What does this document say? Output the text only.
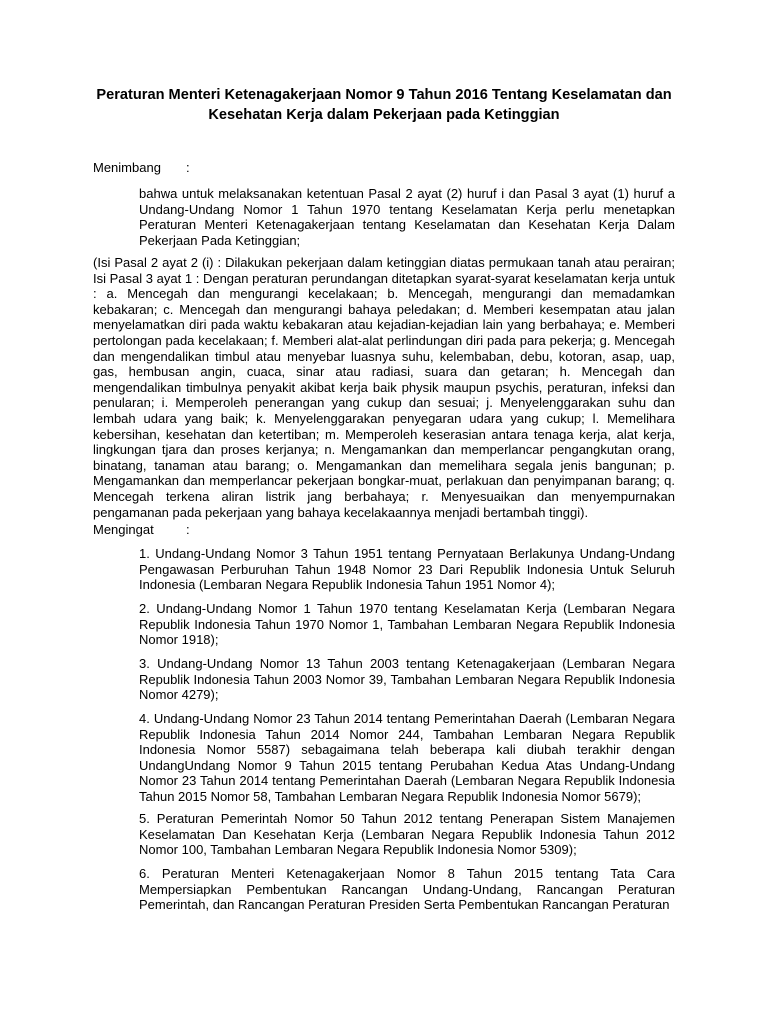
Peraturan Menteri Ketenagakerjaan Nomor 9 Tahun 2016 Tentang Keselamatan dan Kesehatan Kerja dalam Pekerjaan pada Ketinggian

Menimbang :

bahwa untuk melaksanakan ketentuan Pasal 2 ayat (2) huruf i dan Pasal 3 ayat (1) huruf a Undang-Undang Nomor 1 Tahun 1970 tentang Keselamatan Kerja perlu menetapkan Peraturan Menteri Ketenagakerjaan tentang Keselamatan dan Kesehatan Kerja Dalam Pekerjaan Pada Ketinggian;

(Isi Pasal 2 ayat 2 (i) : Dilakukan pekerjaan dalam ketinggian diatas permukaan tanah atau perairan; Isi Pasal 3 ayat 1 : Dengan peraturan perundangan ditetapkan syarat-syarat keselamatan kerja untuk : a. Mencegah dan mengurangi kecelakaan; b. Mencegah, mengurangi dan memadamkan kebakaran; c. Mencegah dan mengurangi bahaya peledakan; d. Memberi kesempatan atau jalan menyelamatkan diri pada waktu kebakaran atau kejadian-kejadian lain yang berbahaya; e. Memberi pertolongan pada kecelakaan; f. Memberi alat-alat perlindungan diri pada para pekerja; g. Mencegah dan mengendalikan timbul atau menyebar luasnya suhu, kelembaban, debu, kotoran, asap, uap, gas, hembusan angin, cuaca, sinar atau radiasi, suara dan getaran; h. Mencegah dan mengendalikan timbulnya penyakit akibat kerja baik physik maupun psychis, peraturan, infeksi dan penularan; i. Memperoleh penerangan yang cukup dan sesuai; j. Menyelenggarakan suhu dan lembah udara yang baik; k. Menyelenggarakan penyegaran udara yang cukup; l. Memelihara kebersihan, kesehatan dan ketertiban; m. Memperoleh keserasian antara tenaga kerja, alat kerja, lingkungan tjara dan proses kerjanya; n. Mengamankan dan memperlancar pengangkutan orang, binatang, tanaman atau barang; o. Mengamankan dan memelihara segala jenis bangunan; p. Mengamankan dan memperlancar pekerjaan bongkar-muat, perlakuan dan penyimpanan barang; q. Mencegah terkena aliran listrik jang berbahaya; r. Menyesuaikan dan menyempurnakan pengamanan pada pekerjaan yang bahaya kecelakaannya menjadi bertambah tinggi).

Mengingat :

1. Undang-Undang Nomor 3 Tahun 1951 tentang Pernyataan Berlakunya Undang-Undang Pengawasan Perburuhan Tahun 1948 Nomor 23 Dari Republik Indonesia Untuk Seluruh Indonesia (Lembaran Negara Republik Indonesia Tahun 1951 Nomor 4);

2. Undang-Undang Nomor 1 Tahun 1970 tentang Keselamatan Kerja (Lembaran Negara Republik Indonesia Tahun 1970 Nomor 1, Tambahan Lembaran Negara Republik Indonesia Nomor 1918);

3. Undang-Undang Nomor 13 Tahun 2003 tentang Ketenagakerjaan (Lembaran Negara Republik Indonesia Tahun 2003 Nomor 39, Tambahan Lembaran Negara Republik Indonesia Nomor 4279);

4. Undang-Undang Nomor 23 Tahun 2014 tentang Pemerintahan Daerah (Lembaran Negara Republik Indonesia Tahun 2014 Nomor 244, Tambahan Lembaran Negara Republik Indonesia Nomor 5587) sebagaimana telah beberapa kali diubah terakhir dengan UndangUndang Nomor 9 Tahun 2015 tentang Perubahan Kedua Atas Undang-Undang Nomor 23 Tahun 2014 tentang Pemerintahan Daerah (Lembaran Negara Republik Indonesia Tahun 2015 Nomor 58, Tambahan Lembaran Negara Republik Indonesia Nomor 5679);

5. Peraturan Pemerintah Nomor 50 Tahun 2012 tentang Penerapan Sistem Manajemen Keselamatan Dan Kesehatan Kerja (Lembaran Negara Republik Indonesia Tahun 2012 Nomor 100, Tambahan Lembaran Negara Republik Indonesia Nomor 5309);

6. Peraturan Menteri Ketenagakerjaan Nomor 8 Tahun 2015 tentang Tata Cara Mempersiapkan Pembentukan Rancangan Undang-Undang, Rancangan Peraturan Pemerintah, dan Rancangan Peraturan Presiden Serta Pembentukan Rancangan Peraturan
